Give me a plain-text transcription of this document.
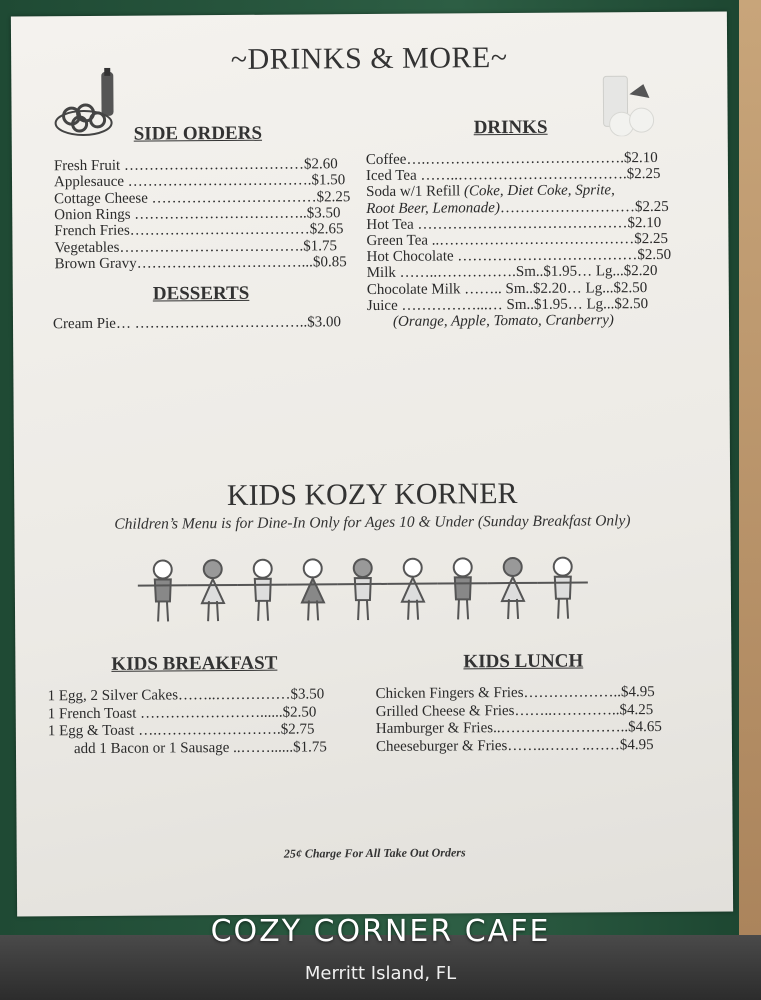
~DRINKS & MORE~
SIDE ORDERS
Fresh Fruit ………………………………$2.60
Applesauce ……………………………….$1.50
Cottage Cheese ……………………………$2.25
Onion Rings ……………………………..$3.50
French Fries………………………………$2.65
Vegetables……………………………….$1.75
Brown Gravy……………………………...$0.85
DESSERTS
Cream Pie… ……………………………..$3.00
DRINKS
Coffee….………………………………….$2.10
Iced Tea ……..…………………………….$2.25
Soda w/1 Refill (Coke, Diet Coke, Sprite,
Root Beer, Lemonade)………………………$2.25
Hot Tea ……………………………………$2.10
Green Tea ..…………………………………$2.25
Hot Chocolate ………………………………$2.50
Milk ……..…………….Sm..$1.95… Lg...$2.20
Chocolate Milk …….. Sm..$2.20… Lg...$2.50
Juice ……………...… Sm..$1.95… Lg...$2.50
(Orange, Apple, Tomato, Cranberry)
KIDS KOZY KORNER
Children’s Menu is for Dine-In Only for Ages 10 & Under (Sunday Breakfast Only)
KIDS BREAKFAST
1 Egg, 2 Silver Cakes……..……………$3.50
1 French Toast ……………………......$2.50
1 Egg & Toast ….…………………….$2.75
add 1 Bacon or 1 Sausage ..……......$1.75
KIDS LUNCH
Chicken Fingers & Fries………………..$4.95
Grilled Cheese & Fries……..…………..$4.25
Hamburger & Fries..……………………..$4.65
Cheeseburger & Fries……..……. ..……$4.95
25¢ Charge For All Take Out Orders
COZY CORNER CAFE
Merritt Island, FL
